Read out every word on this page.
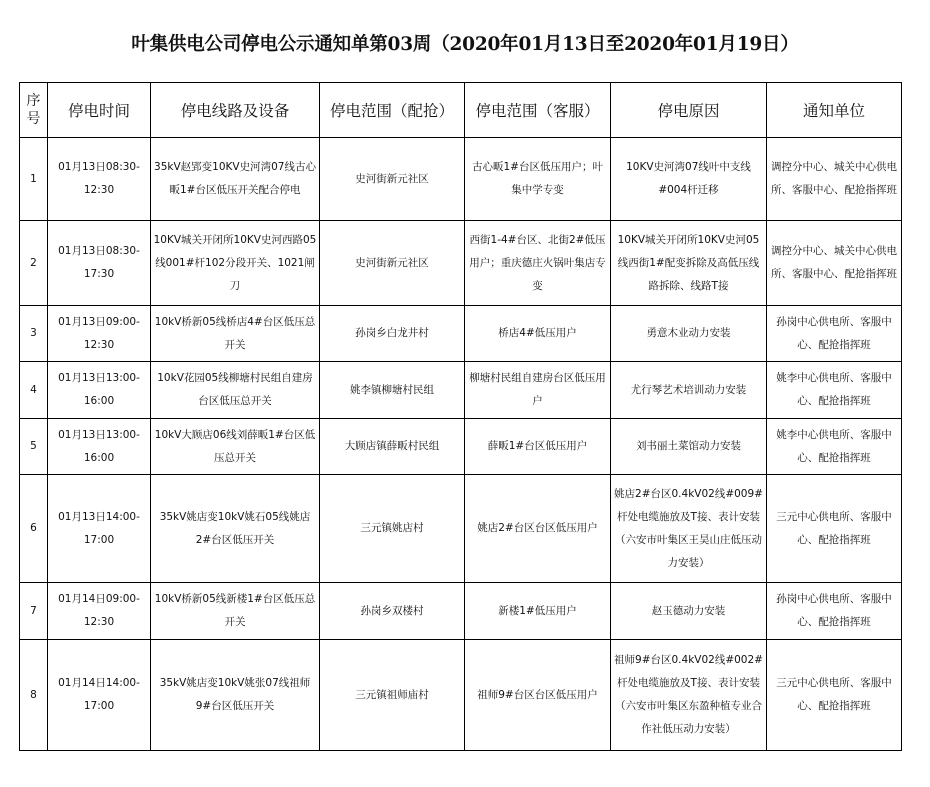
叶集供电公司停电公示通知单第03周（2020年01月13日至2020年01月19日）
序号	停电时间	停电线路及设备	停电范围（配抢）	停电范围（客服）	停电原因	通知单位
1	01月13日08:30-12:30	35kV赵郢变10KV史河湾07线古心畈1#台区低压开关配合停电	史河街新元社区	古心畈1#台区低压用户；叶集中学专变	10KV史河湾07线叶中支线#004杆迁移	调控分中心、城关中心供电所、客服中心、配抢指挥班
2	01月13日08:30-17:30	10KV城关开闭所10KV史河西路05线001#杆102分段开关、1021闸刀	史河街新元社区	西街1-4#台区、北街2#低压用户；重庆德庄火锅叶集店专变	10KV城关开闭所10KV史河05线西街1#配变拆除及高低压线路拆除、线路T接	调控分中心、城关中心供电所、客服中心、配抢指挥班
3	01月13日09:00-12:30	10kV桥新05线桥店4#台区低压总开关	孙岗乡白龙井村	桥店4#低压用户	勇意木业动力安装	孙岗中心供电所、客服中心、配抢指挥班
4	01月13日13:00-16:00	10kV花园05线柳塘村民组自建房台区低压总开关	姚李镇柳塘村民组	柳塘村民组自建房台区低压用户	尤行琴艺术培训动力安装	姚李中心供电所、客服中心、配抢指挥班
5	01月13日13:00-16:00	10kV大顾店06线刘薛畈1#台区低压总开关	大顾店镇薛畈村民组	薛畈1#台区低压用户	刘书丽土菜馆动力安装	姚李中心供电所、客服中心、配抢指挥班
6	01月13日14:00-17:00	35kV姚店变10kV姚石05线姚店2#台区低压开关	三元镇姚店村	姚店2#台区台区低压用户	姚店2#台区0.4kV02线#009#杆处电缆施放及T接、表计安装（六安市叶集区王昊山庄低压动力安装）	三元中心供电所、客服中心、配抢指挥班
7	01月14日09:00-12:30	10kV桥新05线新楼1#台区低压总开关	孙岗乡双楼村	新楼1#低压用户	赵玉德动力安装	孙岗中心供电所、客服中心、配抢指挥班
8	01月14日14:00-17:00	35kV姚店变10kV姚张07线祖师9#台区低压开关	三元镇祖师庙村	祖师9#台区台区低压用户	祖师9#台区0.4kV02线#002#杆处电缆施放及T接、表计安装（六安市叶集区东盈种植专业合作社低压动力安装）	三元中心供电所、客服中心、配抢指挥班
